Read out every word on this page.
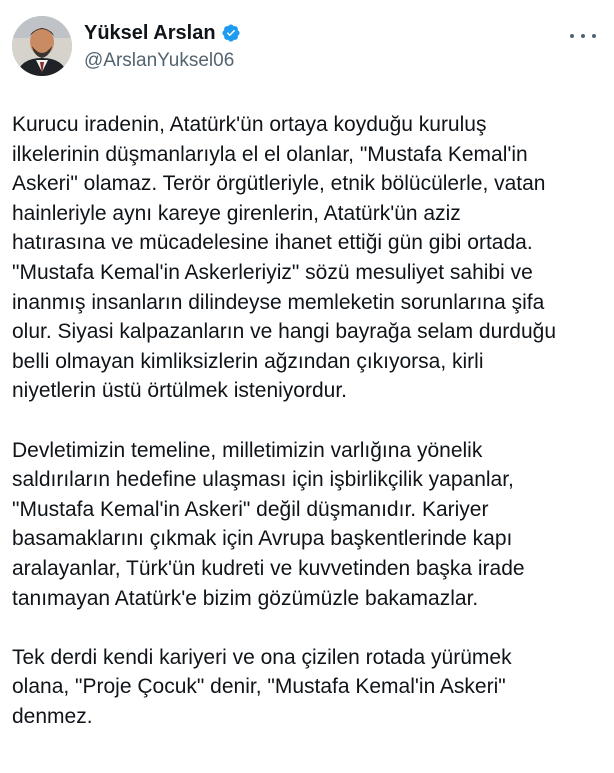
Yüksel Arslan
@ArslanYuksel06

Kurucu iradenin, Atatürk'ün ortaya koyduğu kuruluş
ilkelerinin düşmanlarıyla el el olanlar, "Mustafa Kemal'in
Askeri" olamaz. Terör örgütleriyle, etnik bölücülerle, vatan
hainleriyle aynı kareye girenlerin, Atatürk'ün aziz
hatırasına ve mücadelesine ihanet ettiği gün gibi ortada.
"Mustafa Kemal'in Askerleriyiz" sözü mesuliyet sahibi ve
inanmış insanların dilindeyse memleketin sorunlarına şifa
olur. Siyasi kalpazanların ve hangi bayrağa selam durduğu
belli olmayan kimliksizlerin ağzından çıkıyorsa, kirli
niyetlerin üstü örtülmek isteniyordur.

Devletimizin temeline, milletimizin varlığına yönelik
saldırıların hedefine ulaşması için işbirlikçilik yapanlar,
"Mustafa Kemal'in Askeri" değil düşmanıdır. Kariyer
basamaklarını çıkmak için Avrupa başkentlerinde kapı
aralayanlar, Türk'ün kudreti ve kuvvetinden başka irade
tanımayan Atatürk'e bizim gözümüzle bakamazlar.

Tek derdi kendi kariyeri ve ona çizilen rotada yürümek
olana, "Proje Çocuk" denir, "Mustafa Kemal'in Askeri"
denmez.
